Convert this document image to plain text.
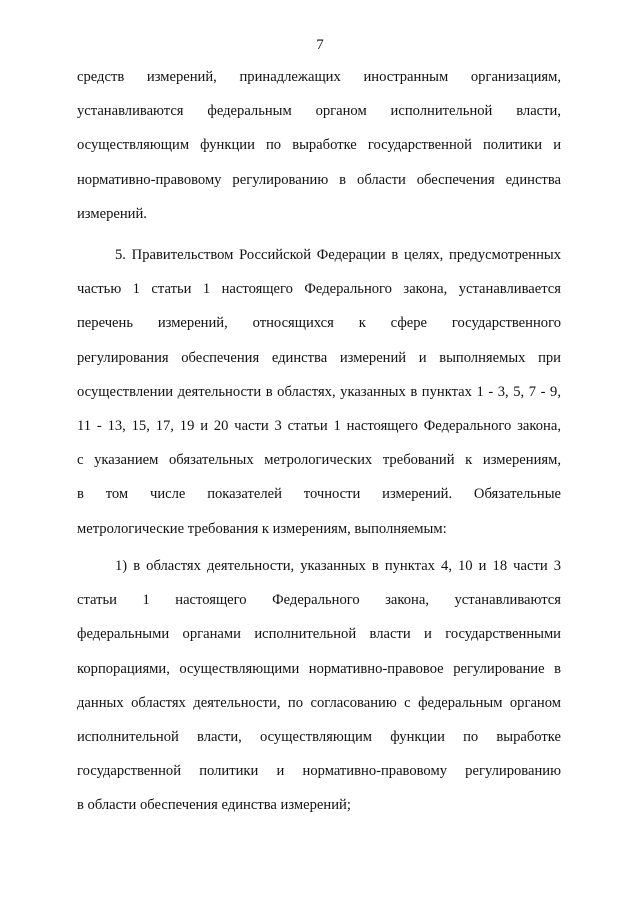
7
средств измерений, принадлежащих иностранным организациям,
устанавливаются федеральным органом исполнительной власти,
осуществляющим функции по выработке государственной политики и
нормативно-правовому регулированию в области обеспечения единства
измерений.
5. Правительством Российской Федерации в целях, предусмотренных
частью 1 статьи 1 настоящего Федерального закона, устанавливается
перечень измерений, относящихся к сфере государственного
регулирования обеспечения единства измерений и выполняемых при
осуществлении деятельности в областях, указанных в пунктах 1 - 3, 5, 7 - 9,
11 - 13, 15, 17, 19 и 20 части 3 статьи 1 настоящего Федерального закона,
с указанием обязательных метрологических требований к измерениям,
в том числе показателей точности измерений. Обязательные
метрологические требования к измерениям, выполняемым:
1) в областях деятельности, указанных в пунктах 4, 10 и 18 части 3
статьи 1 настоящего Федерального закона, устанавливаются
федеральными органами исполнительной власти и государственными
корпорациями, осуществляющими нормативно-правовое регулирование в
данных областях деятельности, по согласованию с федеральным органом
исполнительной власти, осуществляющим функции по выработке
государственной политики и нормативно-правовому регулированию
в области обеспечения единства измерений;
